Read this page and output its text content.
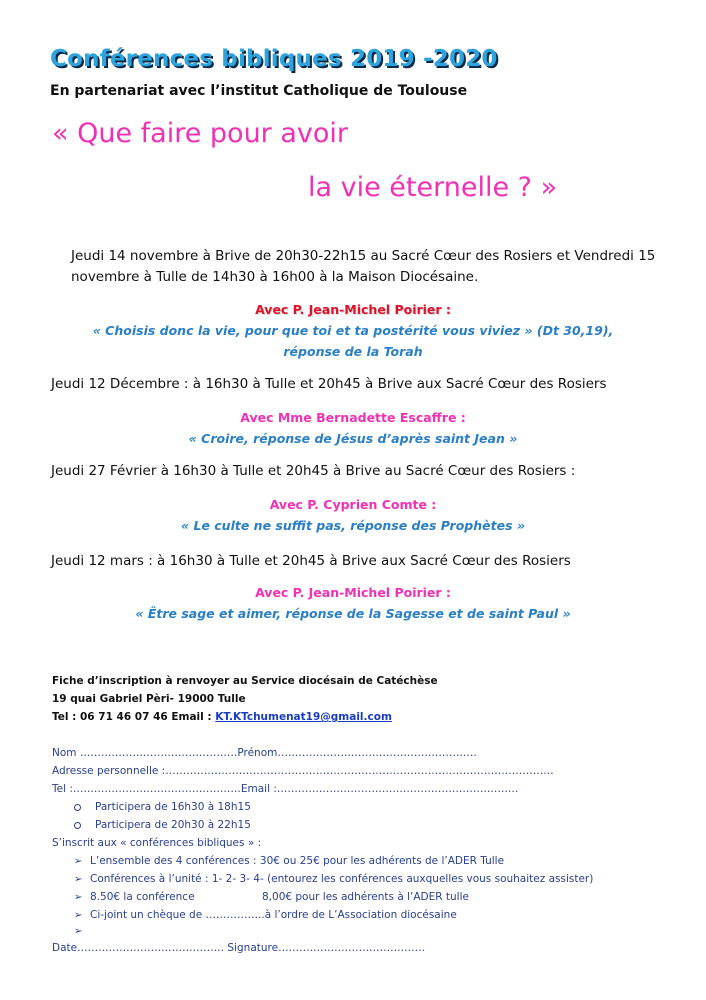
Conférences bibliques 2019 -2020

En partenariat avec l’institut Catholique de Toulouse

« Que faire pour avoir

la vie éternelle ? »

Jeudi 14 novembre à Brive de 20h30-22h15 au Sacré Cœur des Rosiers et Vendredi 15 novembre à Tulle de 14h30 à 16h00 à la Maison Diocésaine.

Avec P. Jean-Michel Poirier :

« Choisis donc la vie, pour que toi et ta postérité vous viviez » (Dt 30,19),

réponse de la Torah

Jeudi 12 Décembre : à 16h30 à Tulle et 20h45 à Brive aux Sacré Cœur des Rosiers

Avec Mme Bernadette Escaffre :

« Croire, réponse de Jésus d’après saint Jean »

Jeudi 27 Février à 16h30 à Tulle et 20h45 à Brive au Sacré Cœur des Rosiers :

Avec P. Cyprien Comte :

« Le culte ne suffit pas, réponse des Prophètes »

Jeudi 12 mars : à 16h30 à Tulle et 20h45 à Brive aux Sacré Cœur des Rosiers

Avec P. Jean-Michel Poirier :

« Être sage et aimer, réponse de la Sagesse et de saint Paul »

Fiche d’inscription à renvoyer au Service diocésain de Catéchèse

19 quai Gabriel Pèri- 19000 Tulle

Tel : 06 71 46 07 46 Email : KT.KTchumenat19@gmail.com

Nom ………………………………………Prénom…………………………………………………

Adresse personnelle :…………………………………………………………………………………………………

Tel :…………………………………………Email :……………………………………………………………

Participera de 16h30 à 18h15

Participera de 20h30 à 22h15

S’inscrit aux « conférences bibliques » :

➢ L’ensemble des 4 conférences : 30€ ou 25€ pour les adhérents de l’ADER Tulle

➢ Conférences à l’unité : 1- 2- 3- 4- (entourez les conférences auxquelles vous souhaitez assister)

➢ 8.50€ la conférence	8,00€ pour les adhérents à l’ADER tulle

➢ Ci-joint un chèque de ……………..à l’ordre de L’Association diocésaine

➢

Date…………………………………… Signature……………………………………
